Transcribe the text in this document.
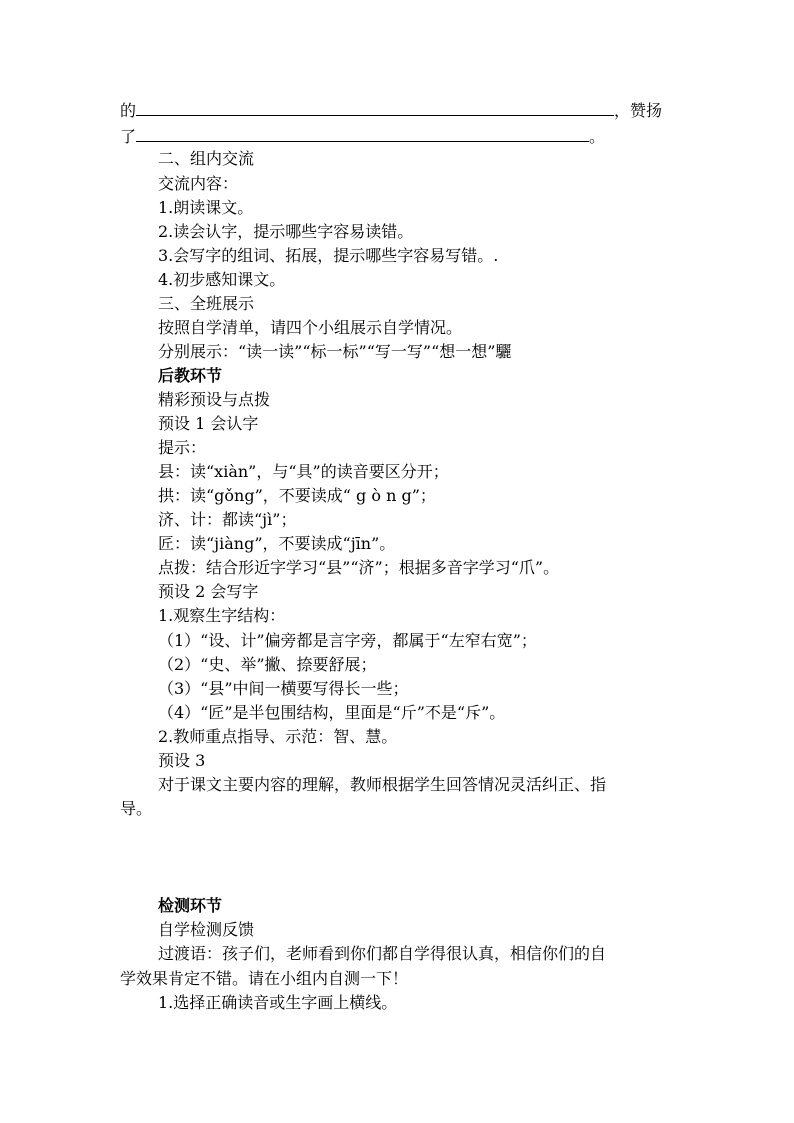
的	，赞扬
了	。
二、组内交流
交流内容：
1.朗读课文。
2.读会认字，提示哪些字容易读错。
3.会写字的组词、拓展，提示哪些字容易写错。.
4.初步感知课文。
三、全班展示
按照自学清单，请四个小组展示自学情况。
分别展示：“读一读”“标一标”“写一写”“想一想”驪
后教环节
精彩预设与点拨
预设 1 会认字
提示：
县：读“xiàn”，与“具”的读音要区分开；
拱：读“gǒng”，不要读成“ g ò n g”；
济、计：都读“jì”；
匠：读“jiàng”，不要读成“jīn”。
点拨：结合形近字学习“县”“济”；根据多音字学习“爪”。
预设 2 会写字
1.观察生字结构：
（1）“设、计”偏旁都是言字旁，都属于“左窄右宽”；
（2）“史、举”撇、捺要舒展；
（3）“县”中间一横要写得长一些；
（4）“匠”是半包围结构，里面是“斤”不是“斥”。
2.教师重点指导、示范：智、慧。
预设 3
对于课文主要内容的理解，教师根据学生回答情况灵活纠正、指
导。
检测环节
自学检测反馈
过渡语：孩子们，老师看到你们都自学得很认真，相信你们的自
学效果肯定不错。请在小组内自测一下！
1.选择正确读音或生字画上横线。
